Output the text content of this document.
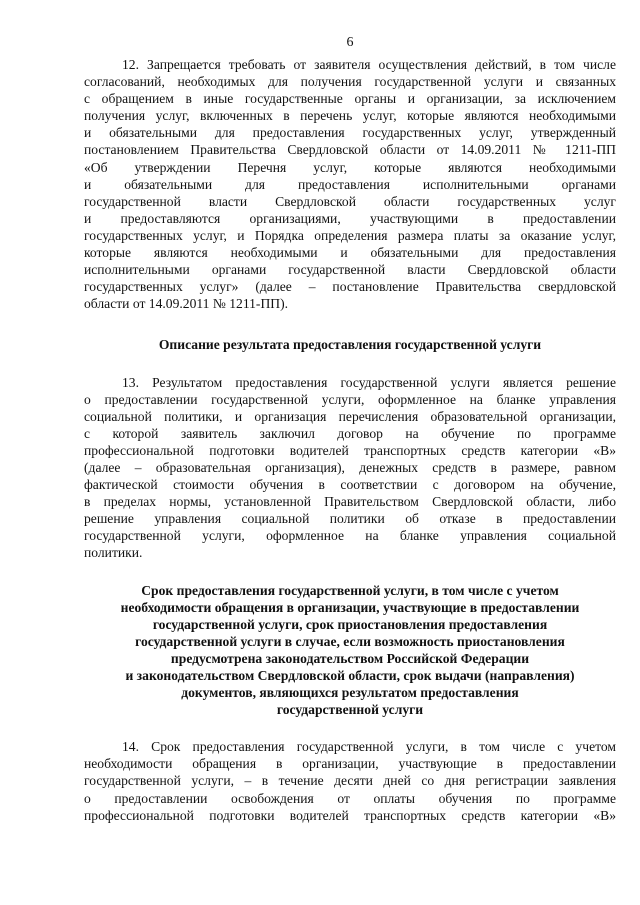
6
12. Запрещается требовать от заявителя осуществления действий, в том числе
согласований, необходимых для получения государственной услуги и связанных
с обращением в иные государственные органы и организации, за исключением
получения услуг, включенных в перечень услуг, которые являются необходимыми
и обязательными для предоставления государственных услуг, утвержденный
постановлением Правительства Свердловской области от 14.09.2011 № 1211-ПП
«Об утверждении Перечня услуг, которые являются необходимыми
и обязательными для предоставления исполнительными органами
государственной власти Свердловской области государственных услуг
и предоставляются организациями, участвующими в предоставлении
государственных услуг, и Порядка определения размера платы за оказание услуг,
которые являются необходимыми и обязательными для предоставления
исполнительными органами государственной власти Свердловской области
государственных услуг» (далее – постановление Правительства свердловской
области от 14.09.2011 № 1211-ПП).
Описание результата предоставления государственной услуги
13. Результатом предоставления государственной услуги является решение
о предоставлении государственной услуги, оформленное на бланке управления
социальной политики, и организация перечисления образовательной организации,
с которой заявитель заключил договор на обучение по программе
профессиональной подготовки водителей транспортных средств категории «В»
(далее – образовательная организация), денежных средств в размере, равном
фактической стоимости обучения в соответствии с договором на обучение,
в пределах нормы, установленной Правительством Свердловской области, либо
решение управления социальной политики об отказе в предоставлении
государственной услуги, оформленное на бланке управления социальной
политики.
Срок предоставления государственной услуги, в том числе с учетом
необходимости обращения в организации, участвующие в предоставлении
государственной услуги, срок приостановления предоставления
государственной услуги в случае, если возможность приостановления
предусмотрена законодательством Российской Федерации
и законодательством Свердловской области, срок выдачи (направления)
документов, являющихся результатом предоставления
государственной услуги
14. Срок предоставления государственной услуги, в том числе с учетом
необходимости обращения в организации, участвующие в предоставлении
государственной услуги, – в течение десяти дней со дня регистрации заявления
о предоставлении освобождения от оплаты обучения по программе
профессиональной подготовки водителей транспортных средств категории «В»
